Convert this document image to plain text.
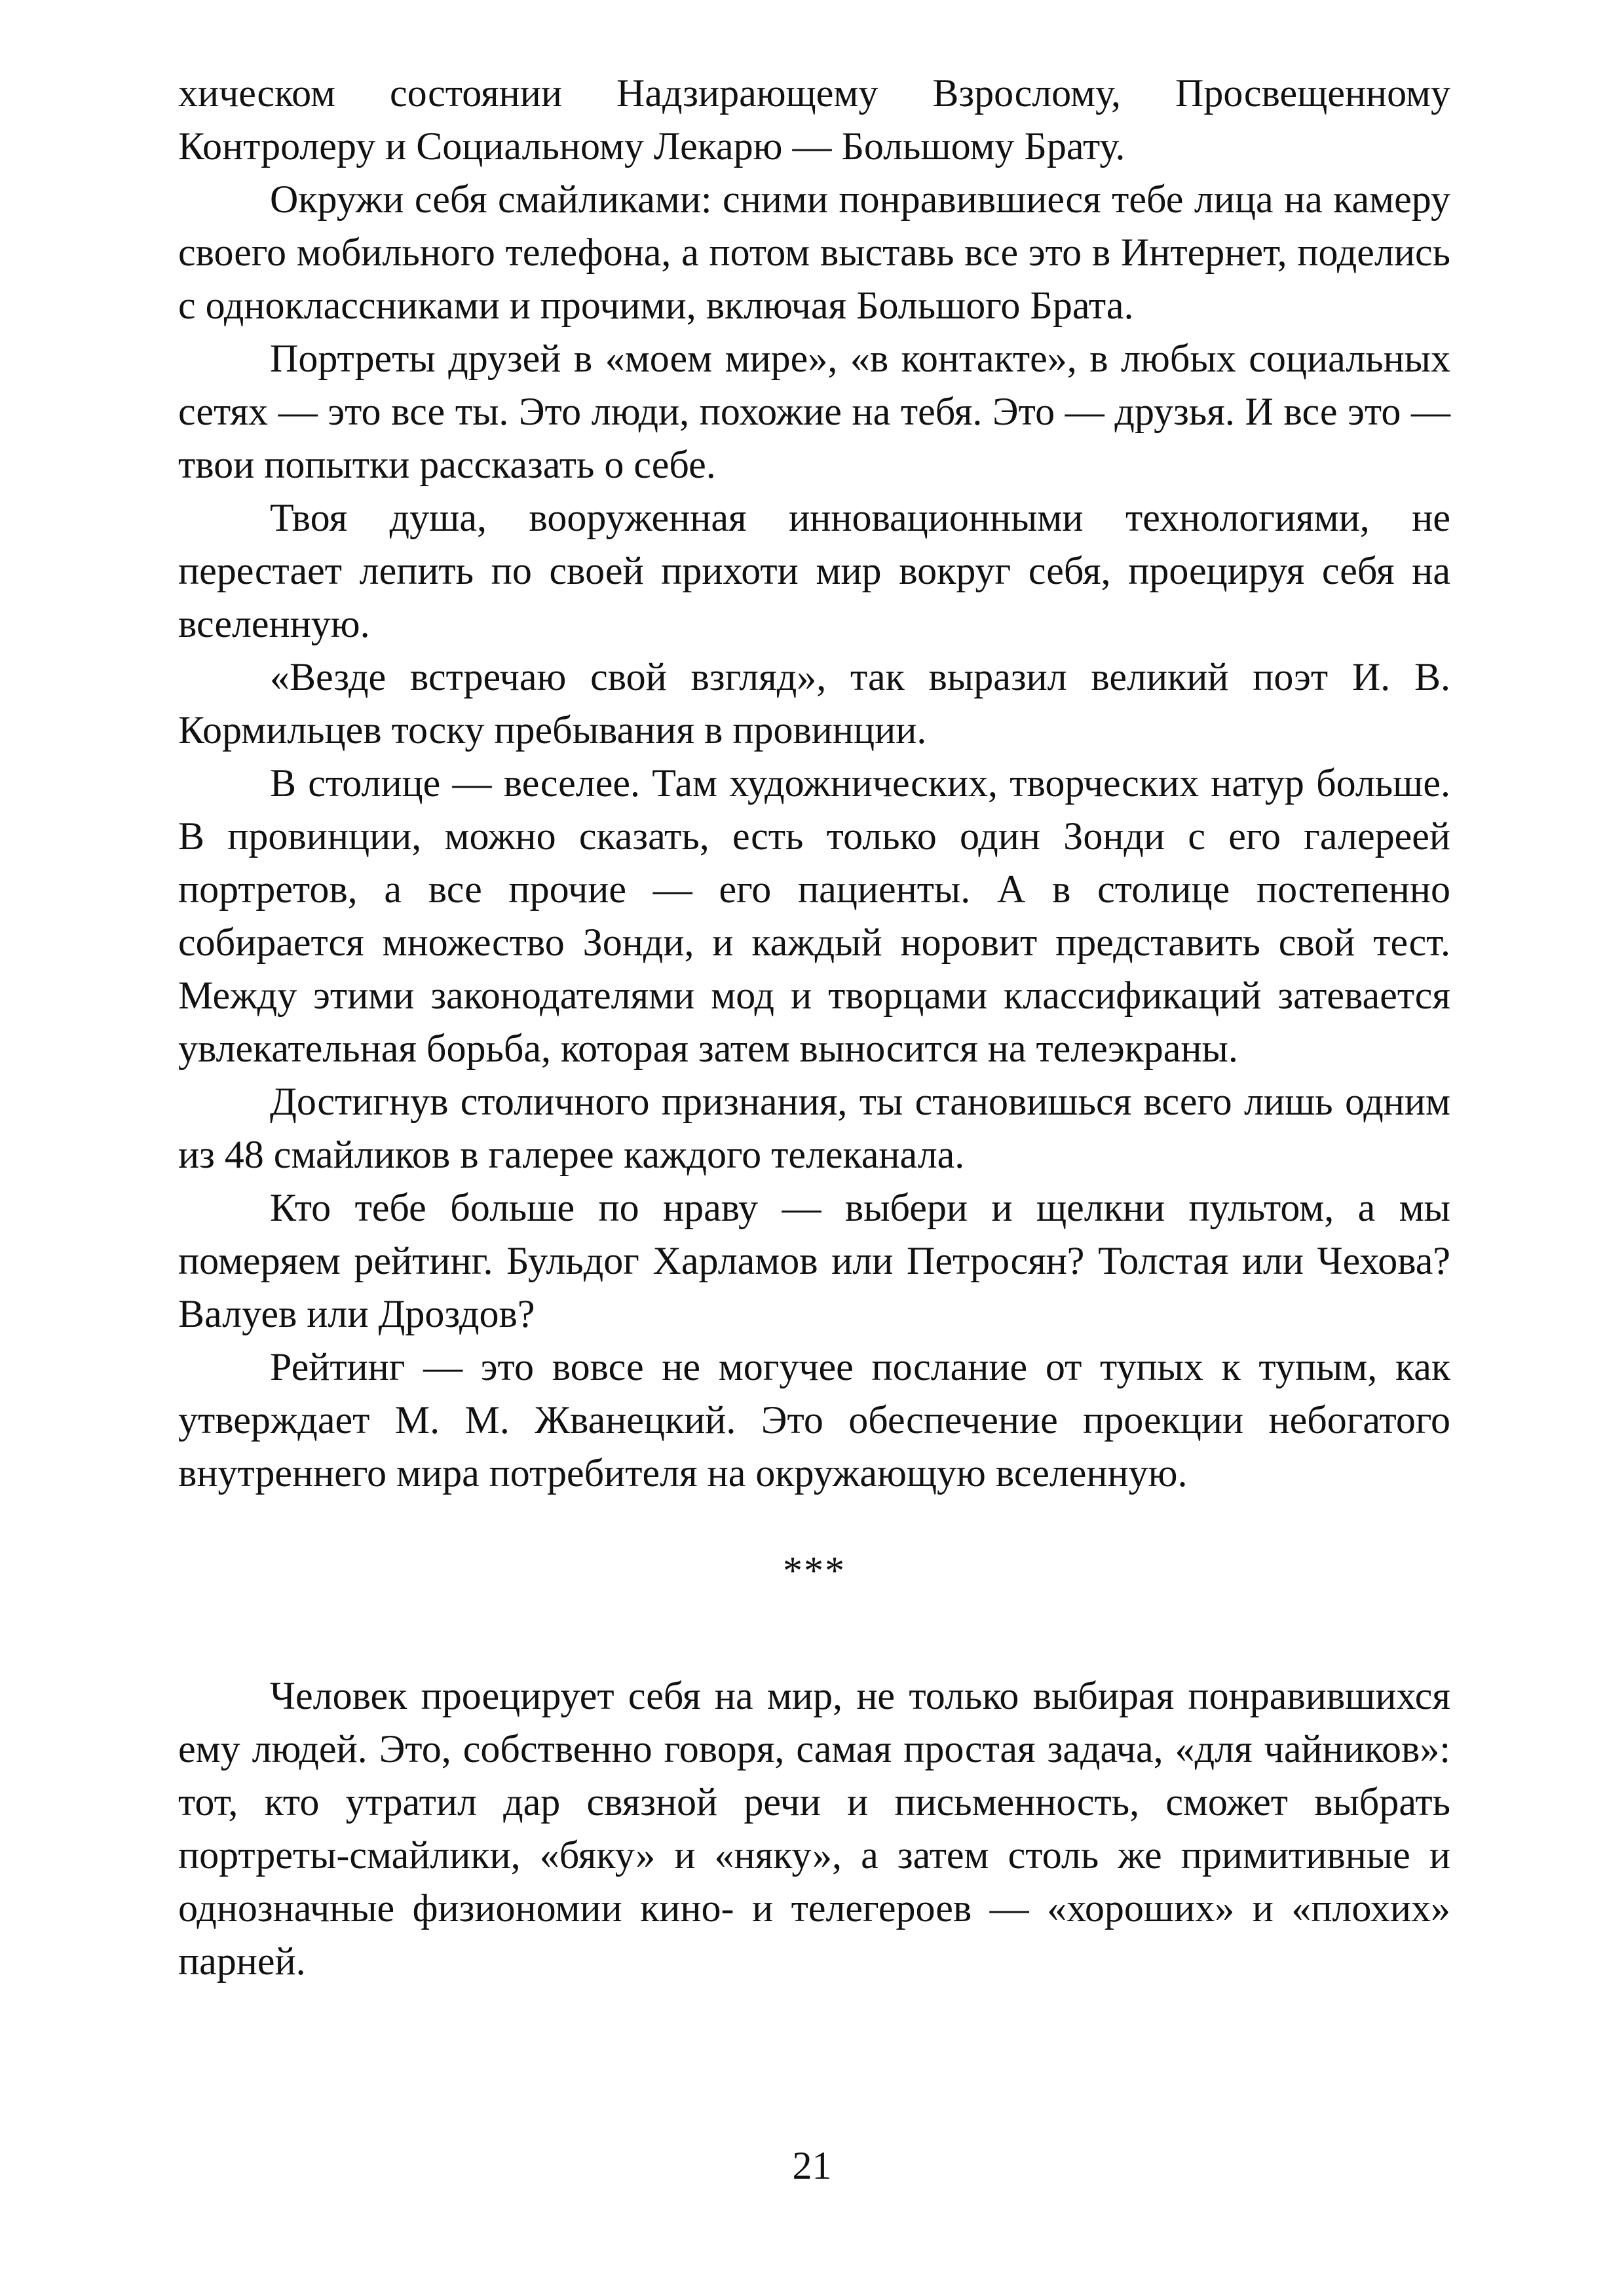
хическом состоянии Надзирающему Взрослому, Просвещенному Контролеру и Социальному Лекарю — Большому Брату.

Окружи себя смайликами: сними понравившиеся тебе лица на камеру своего мобильного телефона, а потом выставь все это в Интернет, поделись с одноклассниками и прочими, включая Большого Брата.

Портреты друзей в «моем мире», «в контакте», в любых социальных сетях — это все ты. Это люди, похожие на тебя. Это — друзья. И все это — твои попытки рассказать о себе.

Твоя душа, вооруженная инновационными технологиями, не перестает лепить по своей прихоти мир вокруг себя, проецируя себя на вселенную.

«Везде встречаю свой взгляд», так выразил великий поэт И. В. Кормильцев тоску пребывания в провинции.

В столице — веселее. Там художнических, творческих натур больше. В провинции, можно сказать, есть только один Зонди с его галереей портретов, а все прочие — его пациенты. А в столице постепенно собирается множество Зонди, и каждый норовит представить свой тест. Между этими законодателями мод и творцами классификаций затевается увлекательная борьба, которая затем выносится на телеэкраны.

Достигнув столичного признания, ты становишься всего лишь одним из 48 смайликов в галерее каждого телеканала.

Кто тебе больше по нраву — выбери и щелкни пультом, а мы померяем рейтинг. Бульдог Харламов или Петросян? Толстая или Чехова? Валуев или Дроздов?

Рейтинг — это вовсе не могучее послание от тупых к тупым, как утверждает М. М. Жванецкий. Это обеспечение проекции небогатого внутреннего мира потребителя на окружающую вселенную.

***

Человек проецирует себя на мир, не только выбирая понравившихся ему людей. Это, собственно говоря, самая простая задача, «для чайников»: тот, кто утратил дар связной речи и письменность, сможет выбрать портреты-смайлики, «бяку» и «няку», а затем столь же примитивные и однозначные физиономии кино- и телегероев — «хороших» и «плохих» парней.

21
